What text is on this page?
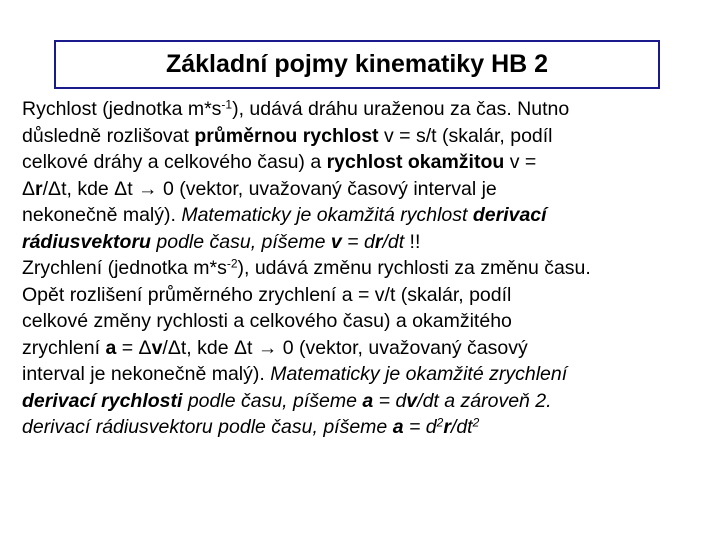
Základní pojmy kinematiky HB 2

Rychlost (jednotka $m*s^{-1}$), udává dráhu uraženou za čas. Nutno
důsledně rozlišovat průměrnou rychlost v = s/t (skalár, podíl
celkové dráhy a celkového času) a rychlost okamžitou v =
Δr/Δt, kde Δt → 0 (vektor, uvažovaný časový interval je
nekonečně malý). Matematicky je okamžitá rychlost derivací
rádiusvektoru podle času, píšeme v = dr/dt !!

Zrychlení (jednotka $m*s^{-2}$), udává změnu rychlosti za změnu času.
Opět rozlišení průměrného zrychlení a = v/t (skalár, podíl
celkové změny rychlosti a celkového času) a okamžitého
zrychlení a = Δv/Δt, kde Δt → 0 (vektor, uvažovaný časový
interval je nekonečně malý). Matematicky je okamžité zrychlení
derivací rychlosti podle času, píšeme a = dv/dt a zároveň 2.
derivací rádiusvektoru podle času, píšeme $a = d^2r/dt^2$
